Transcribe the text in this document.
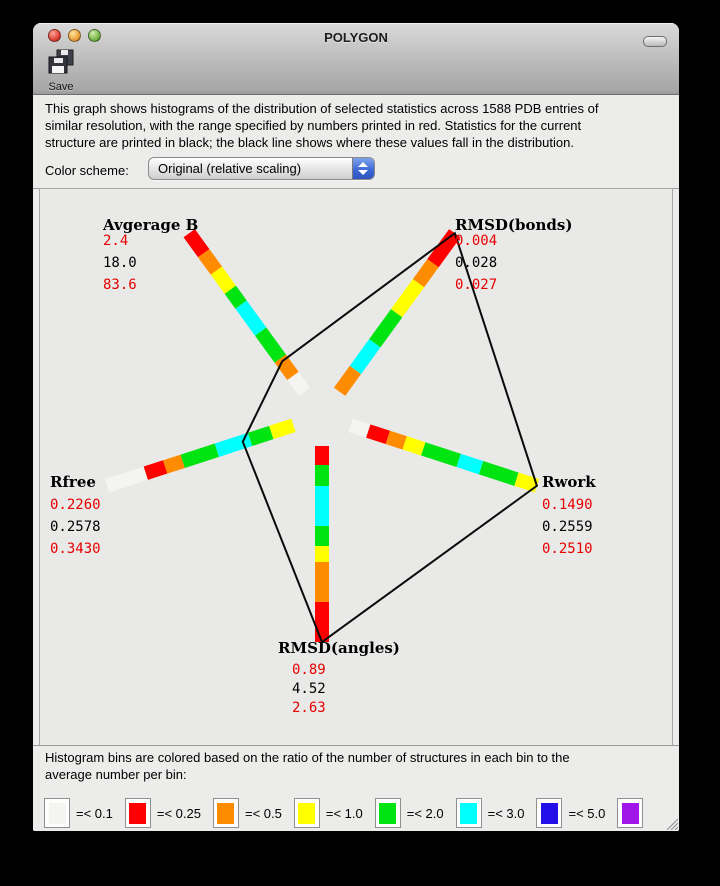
POLYGON
Save
This graph shows histograms of the distribution of selected statistics across 1588 PDB entries of
similar resolution, with the range specified by numbers printed in red. Statistics for the current
structure are printed in black; the black line shows where these values fall in the distribution.
Color scheme: Original (relative scaling)
Avgerage B
2.4
18.0
83.6
RMSD(bonds)
0.004
0.028
0.027
Rwork
0.1490
0.2559
0.2510
RMSD(angles)
0.89
4.52
2.63
Rfree
0.2260
0.2578
0.3430
Histogram bins are colored based on the ratio of the number of structures in each bin to the
average number per bin:
=< 0.1	=< 0.25	=< 0.5	=< 1.0	=< 2.0	=< 3.0	=< 5.0
